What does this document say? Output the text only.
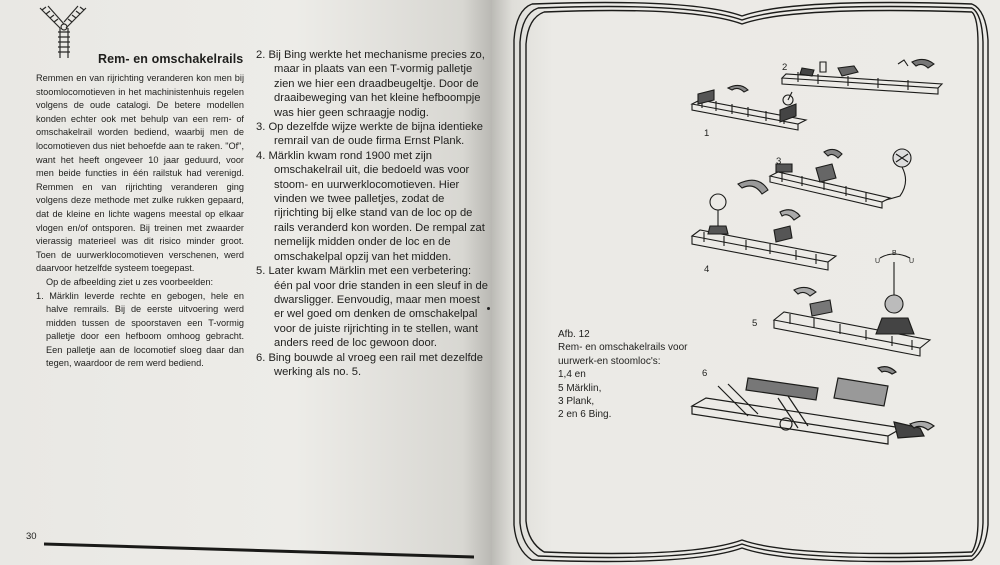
Rem- en omschakelrails

Remmen en van rijrichting veranderen kon men bij stoomlocomotieven in het machinistenhuis regelen volgens de oude catalogi. De betere modellen konden echter ook met behulp van een rem- of omschakelrail worden bediend, waarbij men de locomotieven dus niet behoefde aan te raken. "Of", want het heeft ongeveer 10 jaar geduurd, voor men beide functies in één railstuk had verenigd. Remmen en van rijrichting veranderen ging volgens deze methode met zulke rukken gepaard, dat de kleine en lichte wagens meestal op elkaar vlogen en/of ontsporen. Bij treinen met zwaarder vierassig materieel was dit risico minder groot. Toen de uurwerklocomotieven verschenen, werd daarvoor hetzelfde systeem toegepast.

Op de afbeelding ziet u zes voorbeelden:

1. Märklin leverde rechte en gebogen, hele en halve remrails. Bij de eerste uitvoering werd midden tussen de spoorstaven een T-vormig palletje door een hefboom omhoog gebracht. Een palletje aan de locomotief sloeg daar dan tegen, waardoor de rem werd bediend.
2. Bij Bing werkte het mechanisme precies zo, maar in plaats van een T-vormig palletje zien we hier een draadbeugeltje. Door de draaibeweging van het kleine hefboompje was hier geen schraagje nodig.
3. Op dezelfde wijze werkte de bijna identieke remrail van de oude firma Ernst Plank.
4. Märklin kwam rond 1900 met zijn omschakelrail uit, die bedoeld was voor stoom- en uurwerklocomotieven. Hier vinden we twee palletjes, zodat de rijrichting bij elke stand van de loc op de rails veranderd kon worden. De rempal zat nemelijk midden onder de loc en de omschakelpal opzij van het midden.
5. Later kwam Märklin met een verbetering: één pal voor drie standen in een sleuf in de dwarsligger. Eenvoudig, maar men moest er wel goed om denken de omschakelpal voor de juiste rijrichting in te stellen, want anders reed de loc gewoon door.
6. Bing bouwde al vroeg een rail met dezelfde werking als no. 5.
30
1
2
3
4
U
B
U
5
6
Afb. 12
Rem- en omschakelrails voor
uurwerk-en stoomloc's:
1,4 en
5 Märklin,
3 Plank,
2 en 6 Bing.
